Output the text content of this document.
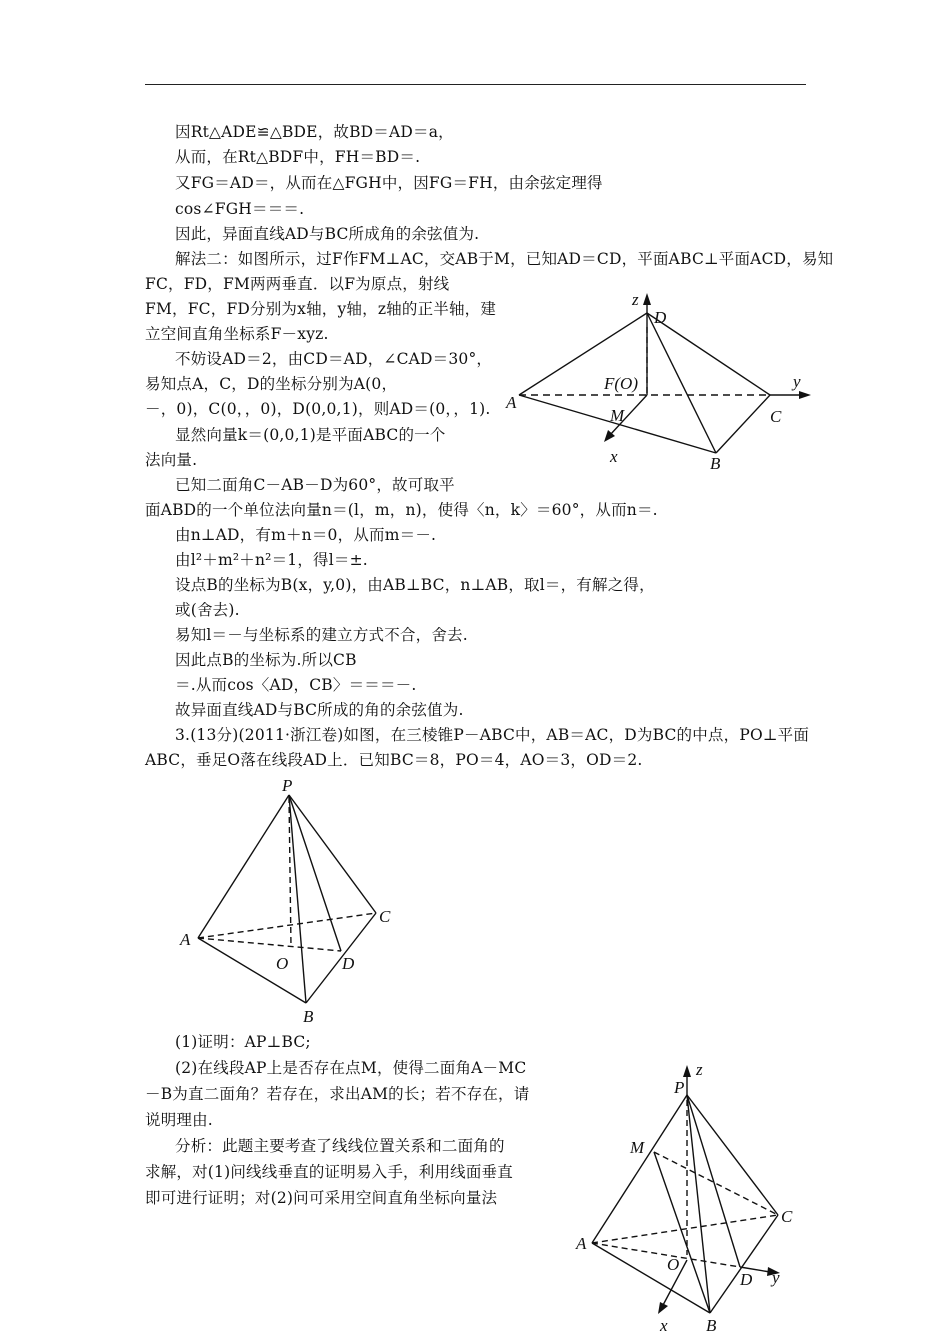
因Rt△ADE≌△BDE，故BD＝AD＝a，
从而，在Rt△BDF中，FH＝BD＝.
又FG＝AD＝，从而在△FGH中，因FG＝FH，由余弦定理得
cos∠FGH＝＝＝.
因此，异面直线AD与BC所成角的余弦值为.
解法二：如图所示，过F作FM⊥AC，交AB于M，已知AD＝CD，平面ABC⊥平面ACD，易知
FC，FD，FM两两垂直．以F为原点，射线
FM，FC，FD分别为x轴，y轴，z轴的正半轴，建
立空间直角坐标系F－xyz.
不妨设AD＝2，由CD＝AD，∠CAD＝30°，
易知点A，C，D的坐标分别为A(0，
－，0)，C(0，，0)，D(0,0,1)，则AD＝(0，，1).
显然向量k＝(0,0,1)是平面ABC的一个
法向量.
已知二面角C－AB－D为60°，故可取平
面ABD的一个单位法向量n＝(l，m，n)，使得〈n，k〉＝60°，从而n＝.
由n⊥AD，有m＋n＝0，从而m＝－.
由l²＋m²＋n²＝1，得l＝±.
设点B的坐标为B(x，y,0)，由AB⊥BC，n⊥AB，取l＝，有解之得，
或(舍去).
易知l＝－与坐标系的建立方式不合，舍去.
因此点B的坐标为.所以CB
＝.从而cos〈AD，CB〉＝＝＝－.
故异面直线AD与BC所成的角的余弦值为.
3.(13分)(2011·浙江卷)如图，在三棱锥P－ABC中，AB＝AC，D为BC的中点，PO⊥平面
ABC，垂足O落在线段AD上．已知BC＝8，PO＝4，AO＝3，OD＝2.
(1)证明：AP⊥BC;
(2)在线段AP上是否存在点M，使得二面角A－MC
－B为直二面角？若存在，求出AM的长；若不存在，请
说明理由.
分析：此题主要考查了线线位置关系和二面角的
求解，对(1)问线线垂直的证明易入手，利用线面垂直
即可进行证明；对(2)问可采用空间直角坐标向量法
z
D
y
F(O)
A
C
M
x	B
P
C
A
O	D
B
z
P
M
C
A
O
D y
x B
